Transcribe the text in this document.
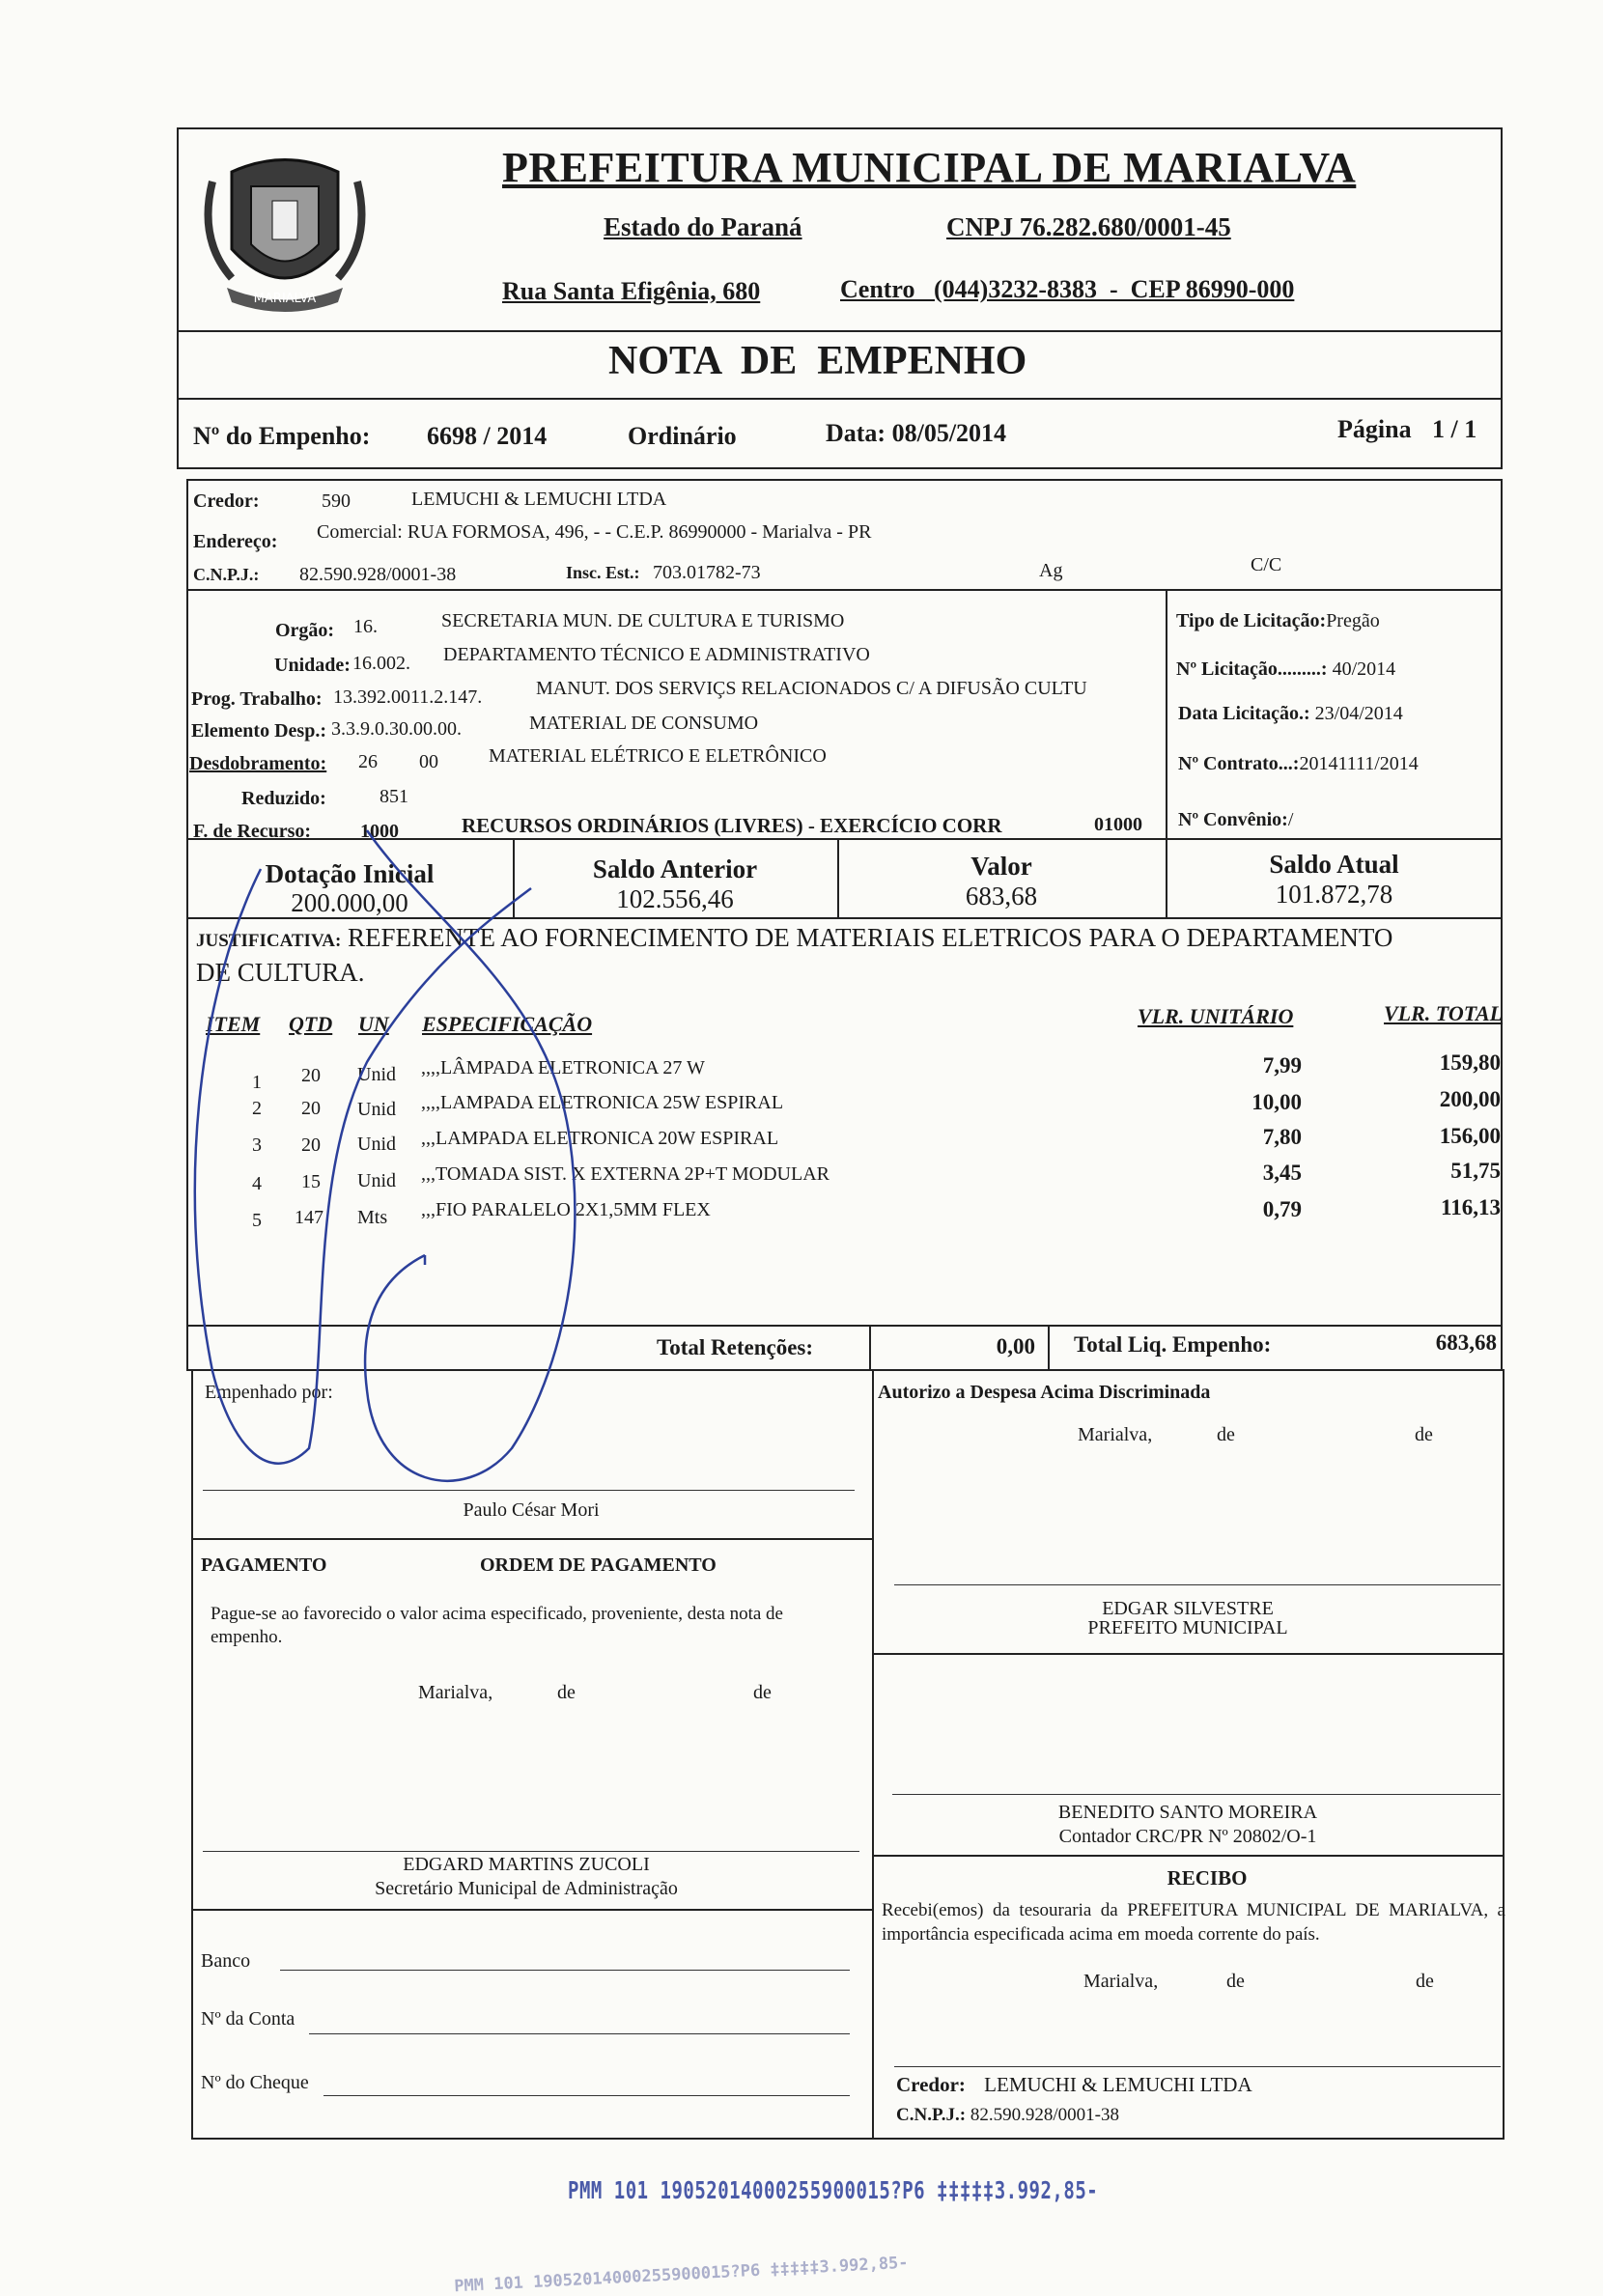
MARIALVA
PREFEITURA MUNICIPAL DE MARIALVA
Estado do Paraná	CNPJ 76.282.680/0001-45
Rua Santa Efigênia, 680	Centro   (044)3232-8383  -  CEP 86990-000
NOTA  DE  EMPENHO
Nº do Empenho: 6698 / 2014	Ordinário	Data: 08/05/2014	Página 1 / 1
Credor:	590	LEMUCHI & LEMUCHI LTDA
Endereço: Comercial: RUA FORMOSA, 496, - - C.E.P. 86990000 - Marialva - PR
C.N.P.J.: 82.590.928/0001-38	Insc. Est.: 703.01782-73	Ag	C/C
Orgão: 16.	SECRETARIA MUN. DE CULTURA E TURISMO
Unidade: 16.002. DEPARTAMENTO TÉCNICO E ADMINISTRATIVO
Prog. Trabalho: 13.392.0011.2.147.	MANUT. DOS SERVIÇS RELACIONADOS C/ A DIFUSÃO CULTU
Elemento Desp.: 3.3.9.0.30.00.00.	MATERIAL DE CONSUMO
Desdobramento: 26 00	MATERIAL ELÉTRICO E ELETRÔNICO
Reduzido:	851
F. de Recurso:	1000	RECURSOS ORDINÁRIOS (LIVRES) - EXERCÍCIO CORR	01000
Tipo de Licitação:Pregão
Nº Licitação.........: 40/2014
Data Licitação.: 23/04/2014
Nº Contrato...:20141111/2014
Nº Convênio:/
Dotação Inicial
200.000,00
Saldo Anterior
102.556,46
Valor
683,68
Saldo Atual
101.872,78
JUSTIFICATIVA: REFERENTE AO FORNECIMENTO DE MATERIAIS ELETRICOS PARA O DEPARTAMENTO
DE CULTURA.
ITEM QTD UN ESPECIFICAÇÃO	VLR. UNITÁRIO	VLR. TOTAL
1 20 Unid ,,,,LÂMPADA ELETRONICA 27 W	7,99	159,80
2 20 Unid ,,,,LAMPADA ELETRONICA 25W ESPIRAL	10,00	200,00
3 20 Unid ,,,LAMPADA ELETRONICA 20W ESPIRAL	7,80	156,00
4 15 Unid ,,,TOMADA SIST. X EXTERNA 2P+T MODULAR	3,45	51,75
5 147 Mts ,,,FIO PARALELO 2X1,5MM FLEX	0,79	116,13
Total Retenções:	0,00 Total Liq. Empenho:	683,68
Empenhado por:
Paulo César Mori
Autorizo a Despesa Acima Discriminada
Marialva,	de	de
PAGAMENTO	ORDEM DE PAGAMENTO
Pague-se ao favorecido o valor acima especificado, proveniente, desta nota de empenho.
Marialva,	de	de
EDGAR SILVESTRE
PREFEITO MUNICIPAL
BENEDITO SANTO MOREIRA
Contador CRC/PR Nº 20802/O-1
EDGARD MARTINS ZUCOLI
Secretário Municipal de Administração	RECIBO
Recebi(emos) da tesouraria da PREFEITURA MUNICIPAL DE MARIALVA, a importância especificada acima em moeda corrente do país.
Marialva,	de	de
Banco
Nº da Conta
Nº do Cheque	Credor: LEMUCHI & LEMUCHI LTDA
C.N.P.J.: 82.590.928/0001-38
PMM 101 19052014000255900015?P6 ‡‡‡‡‡3.992,85-
PMM 101 19052014000255900015?P6 ‡‡‡‡‡3.992,85-
